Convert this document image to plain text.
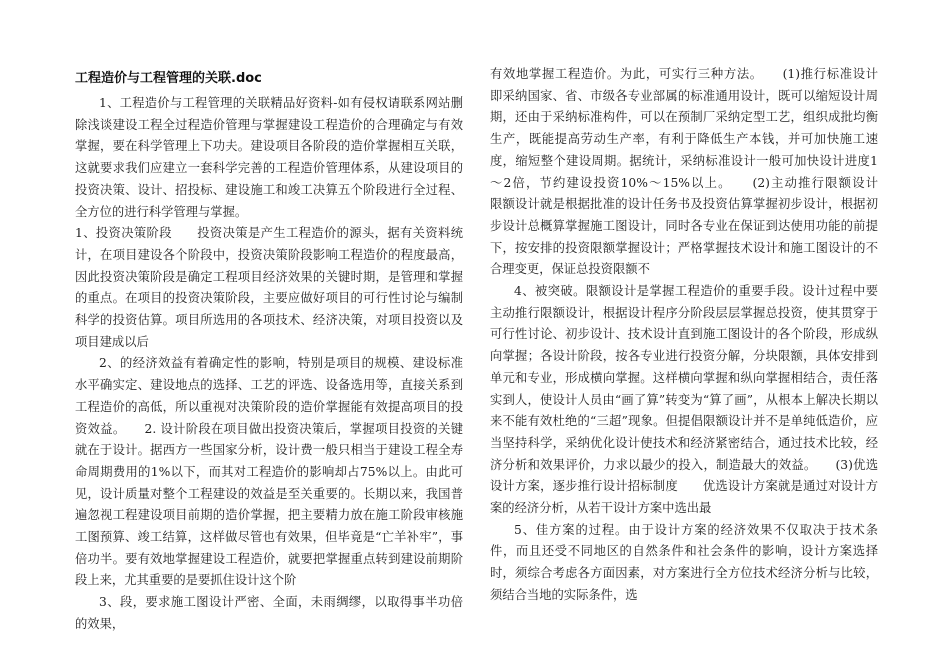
工程造价与工程管理的关联.doc

1、工程造价与工程管理的关联精品好资料-如有侵权请联系网站删除浅谈建设工程全过程造价管理与掌握建设工程造价的合理确定与有效掌握，要在科学管理上下功夫。建设项目各阶段的造价掌握相互关联，这就要求我们应建立一套科学完善的工程造价管理体系，从建设项目的投资决策、设计、招投标、建设施工和竣工决算五个阶段进行全过程、全方位的进行科学管理与掌握。

1、投资决策阶段　　投资决策是产生工程造价的源头，据有关资料统计，在项目建设各个阶段中，投资决策阶段影响工程造价的程度最高，因此投资决策阶段是确定工程项目经济效果的关键时期，是管理和掌握的重点。在项目的投资决策阶段，主要应做好项目的可行性讨论与编制科学的投资估算。项目所选用的各项技术、经济决策，对项目投资以及项目建成以后

2、的经济效益有着确定性的影响，特别是项目的规模、建设标准水平确实定、建设地点的选择、工艺的评选、设备选用等，直接关系到工程造价的高低，所以重视对决策阶段的造价掌握能有效提高项目的投资效益。　　2. 设计阶段在项目做出投资决策后，掌握项目投资的关键就在于设计。据西方一些国家分析，设计费一般只相当于建设工程全寿命周期费用的1%以下，而其对工程造价的影响却占75%以上。由此可见，设计质量对整个工程建设的效益是至关重要的。长期以来，我国普遍忽视工程建设项目前期的造价掌握，把主要精力放在施工阶段审核施工图预算、竣工结算，这样做尽管也有效果，但毕竟是“亡羊补牢”，事倍功半。要有效地掌握建设工程造价，就要把掌握重点转到建设前期阶段上来，尤其重要的是要抓住设计这个阶

3、段，要求施工图设计严密、全面，未雨绸缪，以取得事半功倍的效果，

有效地掌握工程造价。为此，可实行三种方法。　　(1)推行标准设计　　即采纳国家、省、市级各专业部属的标准通用设计，既可以缩短设计周期，还由于采纳标准构件，可以在预制厂采纳定型工艺，组织成批均衡生产，既能提高劳动生产率，有利于降低生产本钱，并可加快施工速度，缩短整个建设周期。据统计，采纳标准设计一般可加快设计进度1～2倍，节约建设投资10%～15%以上。　　(2)主动推行限额设计　　限额设计就是根据批准的设计任务书及投资估算掌握初步设计，根据初步设计总概算掌握施工图设计，同时各专业在保证到达使用功能的前提下，按安排的投资限额掌握设计；严格掌握技术设计和施工图设计的不合理变更，保证总投资限额不

4、被突破。限额设计是掌握工程造价的重要手段。设计过程中要主动推行限额设计，根据设计程序分阶段层层掌握总投资，使其贯穿于可行性讨论、初步设计、技术设计直到施工图设计的各个阶段，形成纵向掌握；各设计阶段，按各专业进行投资分解，分块限额，具体安排到单元和专业，形成横向掌握。这样横向掌握和纵向掌握相结合，责任落实到人，使设计人员由“画了算”转变为“算了画”，从根本上解决长期以来不能有效杜绝的“三超”现象。但提倡限额设计并不是单纯低造价，应当坚持科学，采纳优化设计使技术和经济紧密结合，通过技术比较，经济分析和效果评价，力求以最少的投入，制造最大的效益。　　(3)优选设计方案，逐步推行设计招标制度　　优选设计方案就是通过对设计方案的经济分析，从若干设计方案中选出最

5、佳方案的过程。由于设计方案的经济效果不仅取决于技术条件，而且还受不同地区的自然条件和社会条件的影响，设计方案选择时，须综合考虑各方面因素，对方案进行全方位技术经济分析与比较，须结合当地的实际条件，选
